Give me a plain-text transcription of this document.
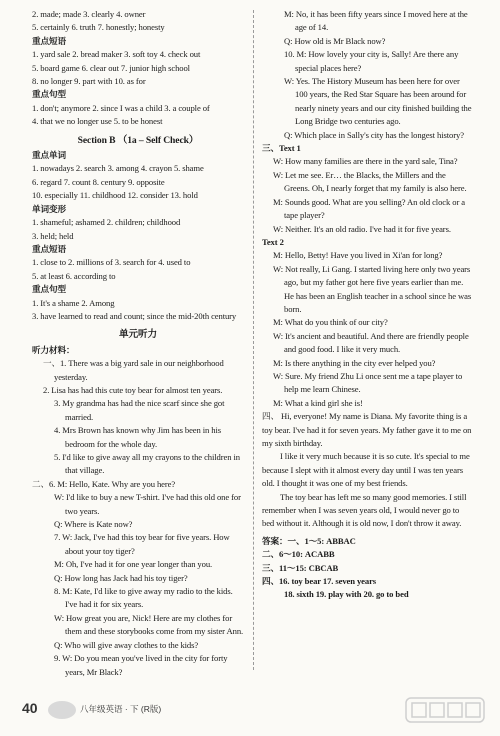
2. made; made 3. clearly 4. owner
5. certainly 6. truth 7. honestly; honesty
重点短语
1. yard sale 2. bread maker 3. soft toy 4. check out
5. board game 6. clear out 7. junior high school
8. no longer 9. part with 10. as for
重点句型
1. don't; anymore 2. since I was a child 3. a couple of
4. that we no longer use 5. to be honest
Section B （1a – Self Check）
重点单词
1. nowadays 2. search 3. among 4. crayon 5. shame
6. regard 7. count 8. century 9. opposite
10. especially 11. childhood 12. consider 13. hold
单词变形
1. shameful; ashamed 2. children; childhood
3. held; held
重点短语
1. close to 2. millions of 3. search for 4. used to
5. at least 6. according to
重点句型
1. It's a shame 2. Among
3. have learned to read and count; since the mid-20th century
单元听力
听力材料：
一、1. There was a big yard sale in our neighborhood yesterday.
2. Lisa has had this cute toy bear for almost ten years.
3. My grandma has had the nice scarf since she got married.
4. Mrs Brown has known why Jim has been in his bedroom for the whole day.
5. I'd like to give away all my crayons to the children in that village.
二、6. M: Hello, Kate. Why are you here?
W: I'd like to buy a new T-shirt. I've had this old one for two years.
Q: Where is Kate now?
7. W: Jack, I've had this toy bear for five years. How about your toy tiger?
M: Oh, I've had it for one year longer than you.
Q: How long has Jack had his toy tiger?
8. M: Kate, I'd like to give away my radio to the kids. I've had it for six years.
W: How great you are, Nick! Here are my clothes for them and these storybooks come from my sister Ann.
Q: Who will give away clothes to the kids?
9. W: Do you mean you've lived in the city for forty years, Mr Black?
M: No, it has been fifty years since I moved here at the age of 14.
Q: How old is Mr Black now?
10. M: How lovely your city is, Sally! Are there any special places here?
W: Yes. The History Museum has been here for over 100 years, the Red Star Square has been around for nearly ninety years and our city finished building the Long Bridge two centuries ago.
Q: Which place in Sally's city has the longest history?
三、Text 1
W: How many families are there in the yard sale, Tina?
W: Let me see. Er… the Blacks, the Millers and the Greens. Oh, I nearly forget that my family is also here.
M: Sounds good. What are you selling? An old clock or a tape player?
W: Neither. It's an old radio. I've had it for five years.
Text 2
M: Hello, Betty! Have you lived in Xi'an for long?
W: Not really, Li Gang. I started living here only two years ago, but my father got here five years earlier than me. He has been an English teacher in a school since he was born.
M: What do you think of our city?
W: It's ancient and beautiful. And there are friendly people and good food. I like it very much.
M: Is there anything in the city ever helped you?
W: Sure. My friend Zhu Li once sent me a tape player to help me learn Chinese.
M: What a kind girl she is!
四、 Hi, everyone! My name is Diana. My favorite thing is a toy bear. I've had it for seven years. My father gave it to me on my sixth birthday.
I like it very much because it is so cute. It's special to me because I slept with it almost every day until I was ten years old. I thought it was one of my best friends.
The toy bear has left me so many good memories. I still remember when I was seven years old, I would never go to bed without it. Although it is old now, I don't throw it away.
答案：一、1～5: ABBAC
二、6～10: ACABB
三、11～15: CBCAB
四、16. toy bear 17. seven years
18. sixth 19. play with 20. go to bed
40	八年级英语 · 下 (R版)
